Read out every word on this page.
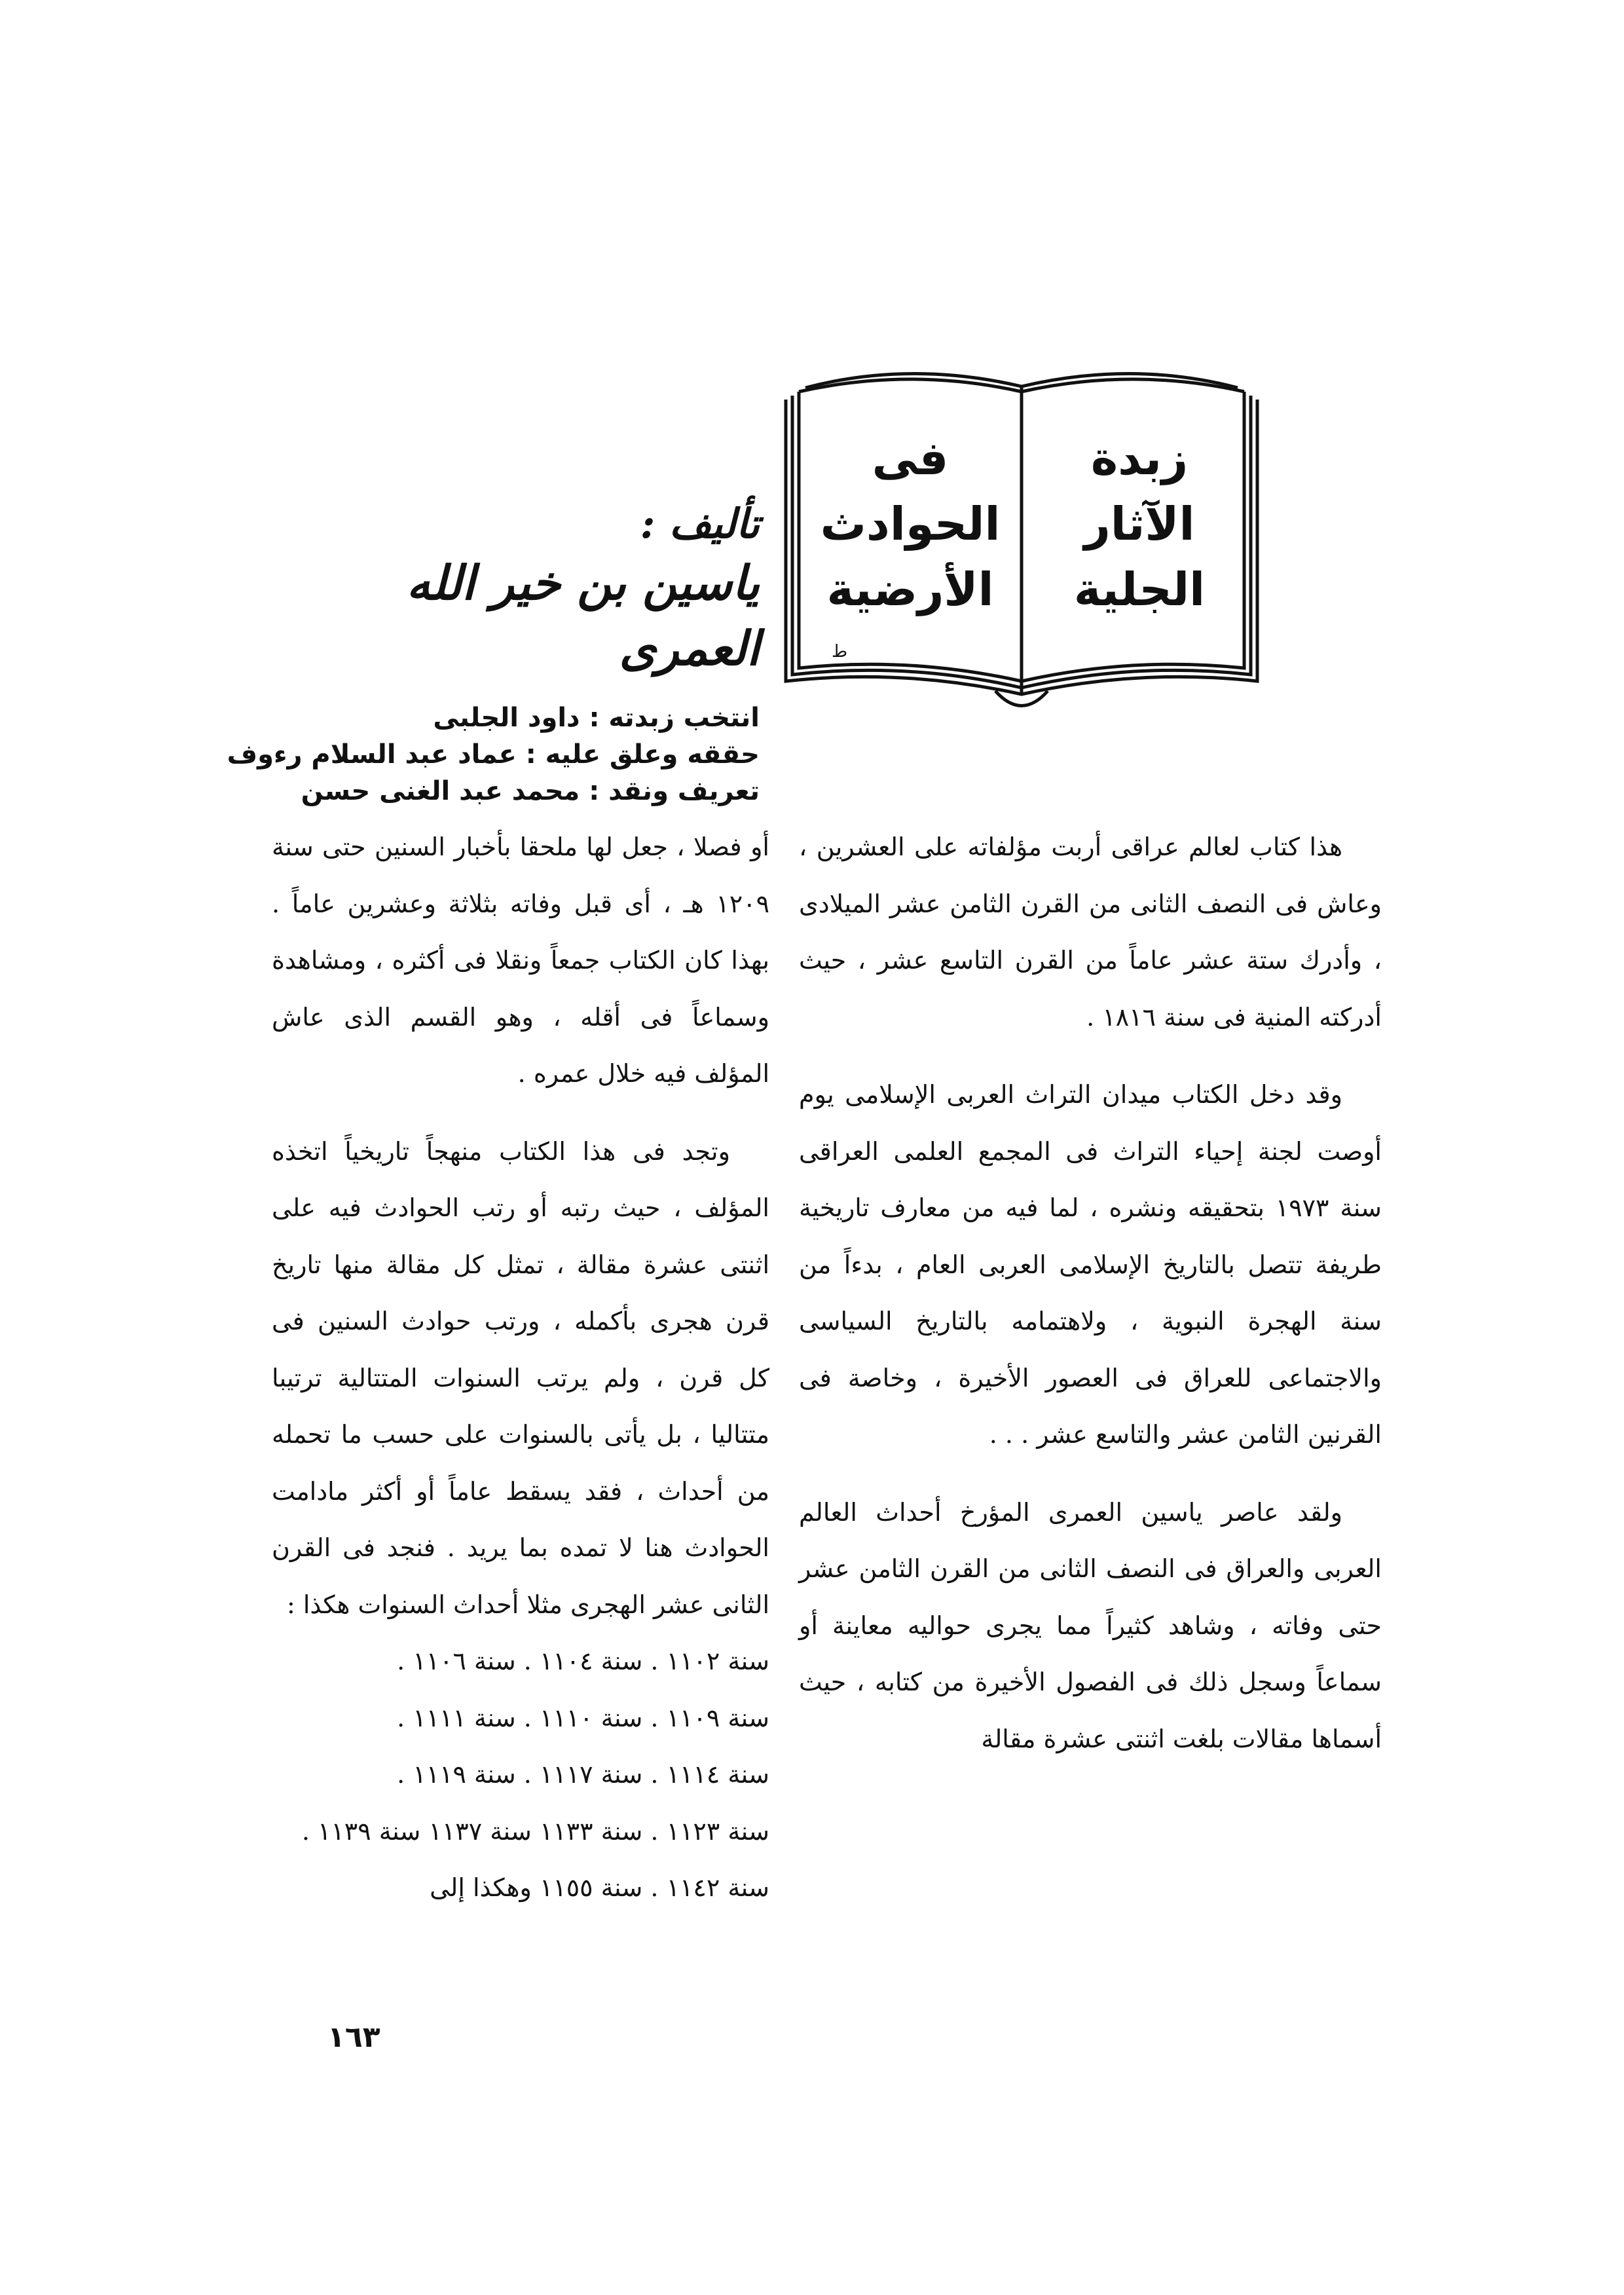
زبدة
الآثار
الجلية
فى
الحوادث
الأرضية
ط
تأليف :
ياسين بن خير الله العمرى
انتخب زبدته : داود الجلبى
حققه وعلق عليه : عماد عبد السلام رءوف
تعريف ونقد : محمد عبد الغنى حسن

هذا كتاب لعالم عراقى أربت مؤلفاته على العشرين ، وعاش فى النصف الثانى من القرن الثامن عشر الميلادى ، وأدرك ستة عشر عاماً من القرن التاسع عشر ، حيث أدركته المنية فى سنة ١٨١٦ .

وقد دخل الكتاب ميدان التراث العربى الإسلامى يوم أوصت لجنة إحياء التراث فى المجمع العلمى العراقى سنة ١٩٧٣ بتحقيقه ونشره ، لما فيه من معارف تاريخية طريفة تتصل بالتاريخ الإسلامى العربى العام ، بدءاً من سنة الهجرة النبوية ، ولاهتمامه بالتاريخ السياسى والاجتماعى للعراق فى العصور الأخيرة ، وخاصة فى القرنين الثامن عشر والتاسع عشر . . .

ولقد عاصر ياسين العمرى المؤرخ أحداث العالم العربى والعراق فى النصف الثانى من القرن الثامن عشر حتى وفاته ، وشاهد كثيراً مما يجرى حواليه معاينة أو سماعاً وسجل ذلك فى الفصول الأخيرة من كتابه ، حيث أسماها مقالات بلغت اثنتى عشرة مقالة

أو فصلا ، جعل لها ملحقا بأخبار السنين حتى سنة ١٢٠٩ هـ ، أى قبل وفاته بثلاثة وعشرين عاماً . بهذا كان الكتاب جمعاً ونقلا فى أكثره ، ومشاهدة وسماعاً فى أقله ، وهو القسم الذى عاش المؤلف فيه خلال عمره .

وتجد فى هذا الكتاب منهجاً تاريخياً اتخذه المؤلف ، حيث رتبه أو رتب الحوادث فيه على اثنتى عشرة مقالة ، تمثل كل مقالة منها تاريخ قرن هجرى بأكمله ، ورتب حوادث السنين فى كل قرن ، ولم يرتب السنوات المتتالية ترتيبا متتاليا ، بل يأتى بالسنوات على حسب ما تحمله من أحداث ، فقد يسقط عاماً أو أكثر مادامت الحوادث هنا لا تمده بما يريد . فنجد فى القرن الثانى عشر الهجرى مثلا أحداث السنوات هكذا :

سنة ١١٠٢ . سنة ١١٠٤ . سنة ١١٠٦ .
سنة ١١٠٩ . سنة ١١١٠ . سنة ١١١١ .
سنة ١١١٤ . سنة ١١١٧ . سنة ١١١٩ .
سنة ١١٢٣ . سنة ١١٣٣ سنة ١١٣٧ سنة ١١٣٩ .
سنة ١١٤٢ . سنة ١١٥٥ وهكذا إلى
١٦٣
